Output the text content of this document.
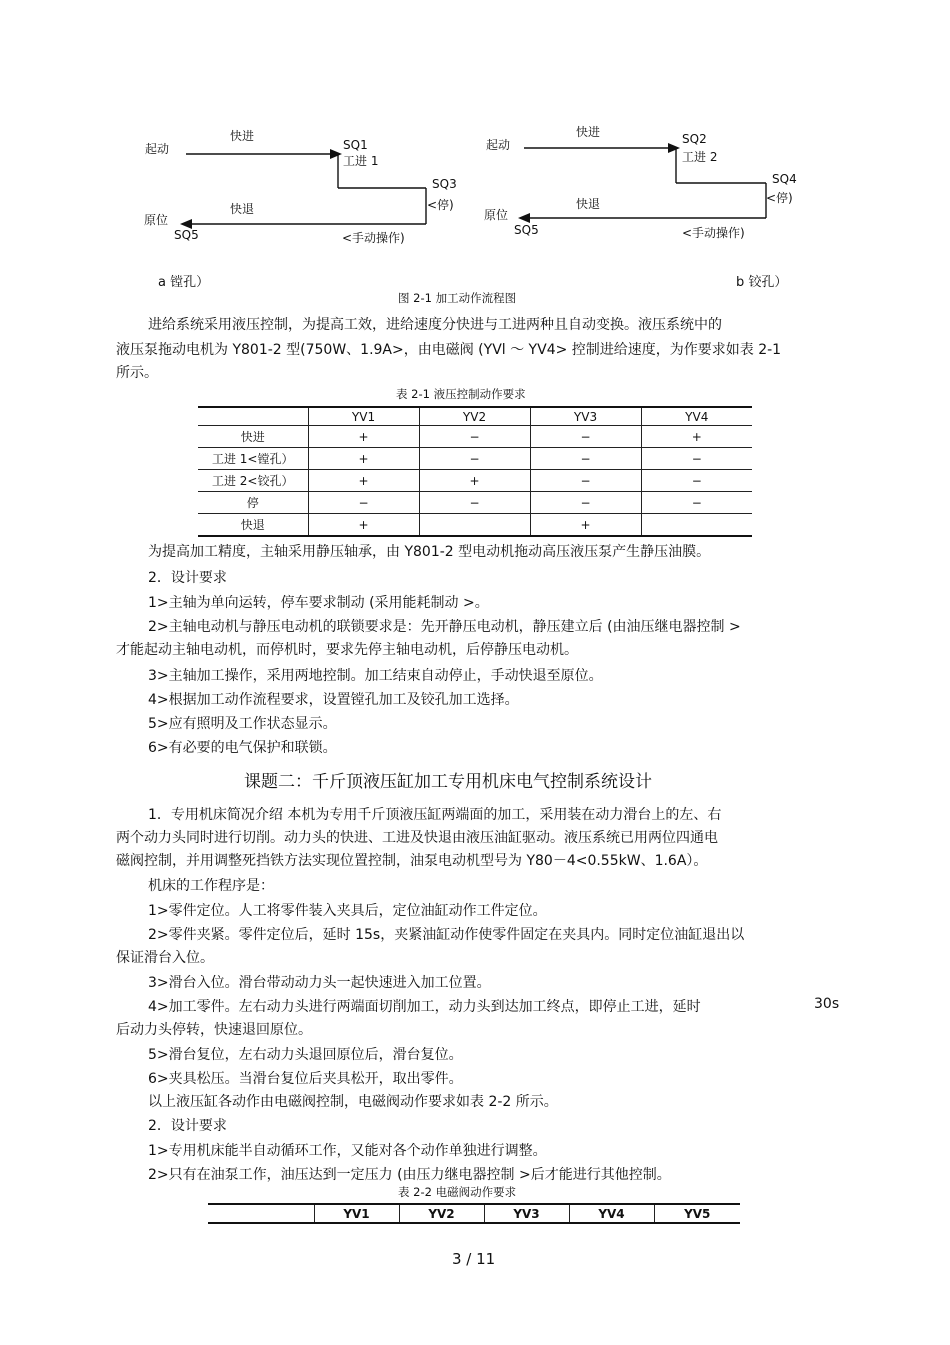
起动
快进
SQ1
工进 1
SQ3
<停)
快退
原位
SQ5	<手动操作)
a 镗孔）
起动
快进	SQ2
工进 2
SQ4
<停)
快退
原位
SQ5	<手动操作)
b 铰孔）
图 2-1 加工动作流程图
进给系统采用液压控制，为提高工效，进给速度分快进与工进两种且自动变换。液压系统中的
液压泵拖动电机为 Y801-2 型(750W、1.9A>，由电磁阀 (YVl ～ YV4> 控制进给速度，为作要求如表 2-1
所示。
表 2-1 液压控制动作要求
	YV1	YV2	YV3	YV4
快进	+	−	−	+
工进 1<镗孔）	+	−	−	−
工进 2<铰孔）	+	+	−	−
停	−	−	−	−
快退	+		+	
为提高加工精度，主轴采用静压轴承，由 Y801-2 型电动机拖动高压液压泵产生静压油膜。
2．设计要求
1>主轴为单向运转，停车要求制动 (采用能耗制动 >。
2>主轴电动机与静压电动机的联锁要求是：先开静压电动机，静压建立后 (由油压继电器控制 >
才能起动主轴电动机，而停机时，要求先停主轴电动机，后停静压电动机。
3>主轴加工操作，采用两地控制。加工结束自动停止，手动快退至原位。
4>根据加工动作流程要求，设置镗孔加工及铰孔加工选择。
5>应有照明及工作状态显示。
6>有必要的电气保护和联锁。
课题二：千斤顶液压缸加工专用机床电气控制系统设计
1．专用机床简况介绍 本机为专用千斤顶液压缸两端面的加工，采用装在动力滑台上的左、右
两个动力头同时进行切削。动力头的快进、工进及快退由液压油缸驱动。液压系统已用两位四通电
磁阀控制，并用调整死挡铁方法实现位置控制，油泵电动机型号为 Y80－4<0.55kW、1.6A）。
机床的工作程序是：
1>零件定位。人工将零件装入夹具后，定位油缸动作工件定位。
2>零件夹紧。零件定位后，延时 15s，夹紧油缸动作使零件固定在夹具内。同时定位油缸退出以
保证滑台入位。
3>滑台入位。滑台带动动力头一起快速进入加工位置。
4>加工零件。左右动力头进行两端面切削加工，动力头到达加工终点，即停止工进，延时	30s
后动力头停转，快速退回原位。
5>滑台复位，左右动力头退回原位后，滑台复位。
6>夹具松压。当滑台复位后夹具松开，取出零件。
以上液压缸各动作由电磁阀控制，电磁阀动作要求如表 2-2 所示。
2．设计要求
1>专用机床能半自动循环工作，又能对各个动作单独进行调整。
2>只有在油泵工作，油压达到一定压力 (由压力继电器控制 >后才能进行其他控制。
表 2-2 电磁阀动作要求
	YV1	YV2	YV3	YV4	YV5
3 / 11
